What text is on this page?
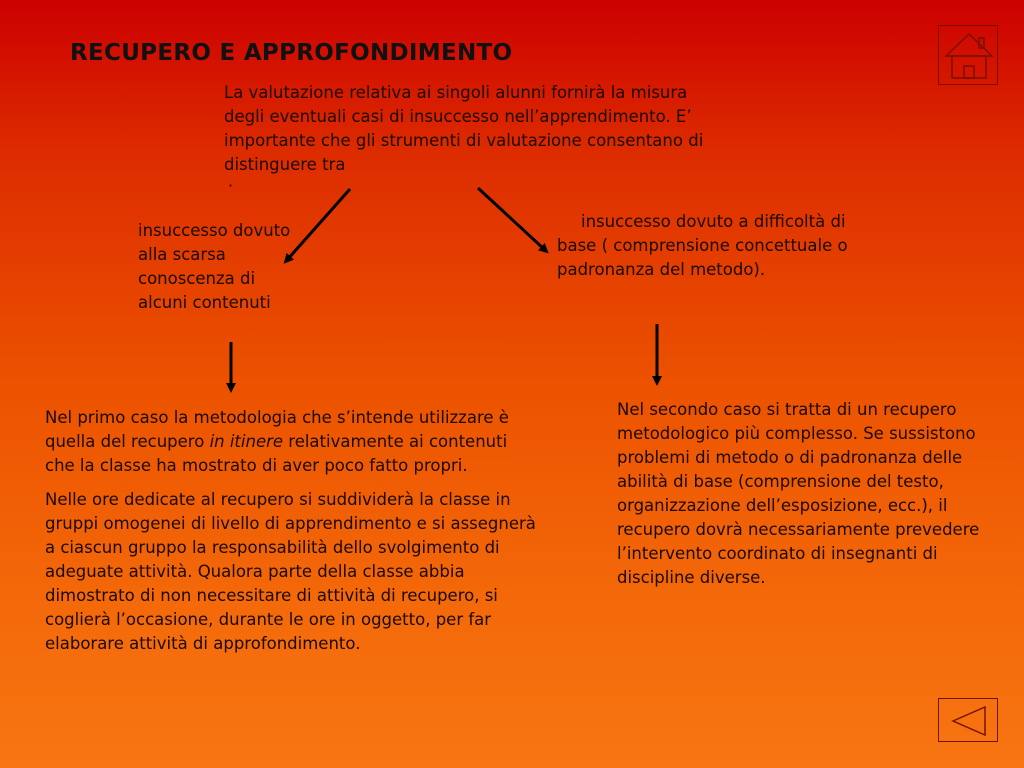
RECUPERO E APPROFONDIMENTO
La valutazione relativa ai singoli alunni fornirà la misura degli eventuali casi di insuccesso nell’apprendimento. E’ importante che gli strumenti di valutazione consentano di distinguere tra
·
insuccesso dovuto alla scarsa conoscenza di alcuni contenuti
insuccesso dovuto a difficoltà di base ( comprensione concettuale o padronanza del metodo).

Nel primo caso la metodologia che s’intende utilizzare è quella del recupero in itinere relativamente ai contenuti che la classe ha mostrato di aver poco fatto propri.

Nelle ore dedicate al recupero si suddividerà la classe in gruppi omogenei di livello di apprendimento e si assegnerà a ciascun gruppo la responsabilità dello svolgimento di adeguate attività. Qualora parte della classe abbia dimostrato di non necessitare di attività di recupero, si coglierà l’occasione, durante le ore in oggetto, per far elaborare attività di approfondimento.

Nel secondo caso si tratta di un recupero metodologico più complesso. Se sussistono problemi di metodo o di padronanza delle abilità di base (comprensione del testo, organizzazione dell’esposizione, ecc.), il recupero dovrà necessariamente prevedere l’intervento coordinato di insegnanti di discipline diverse.
